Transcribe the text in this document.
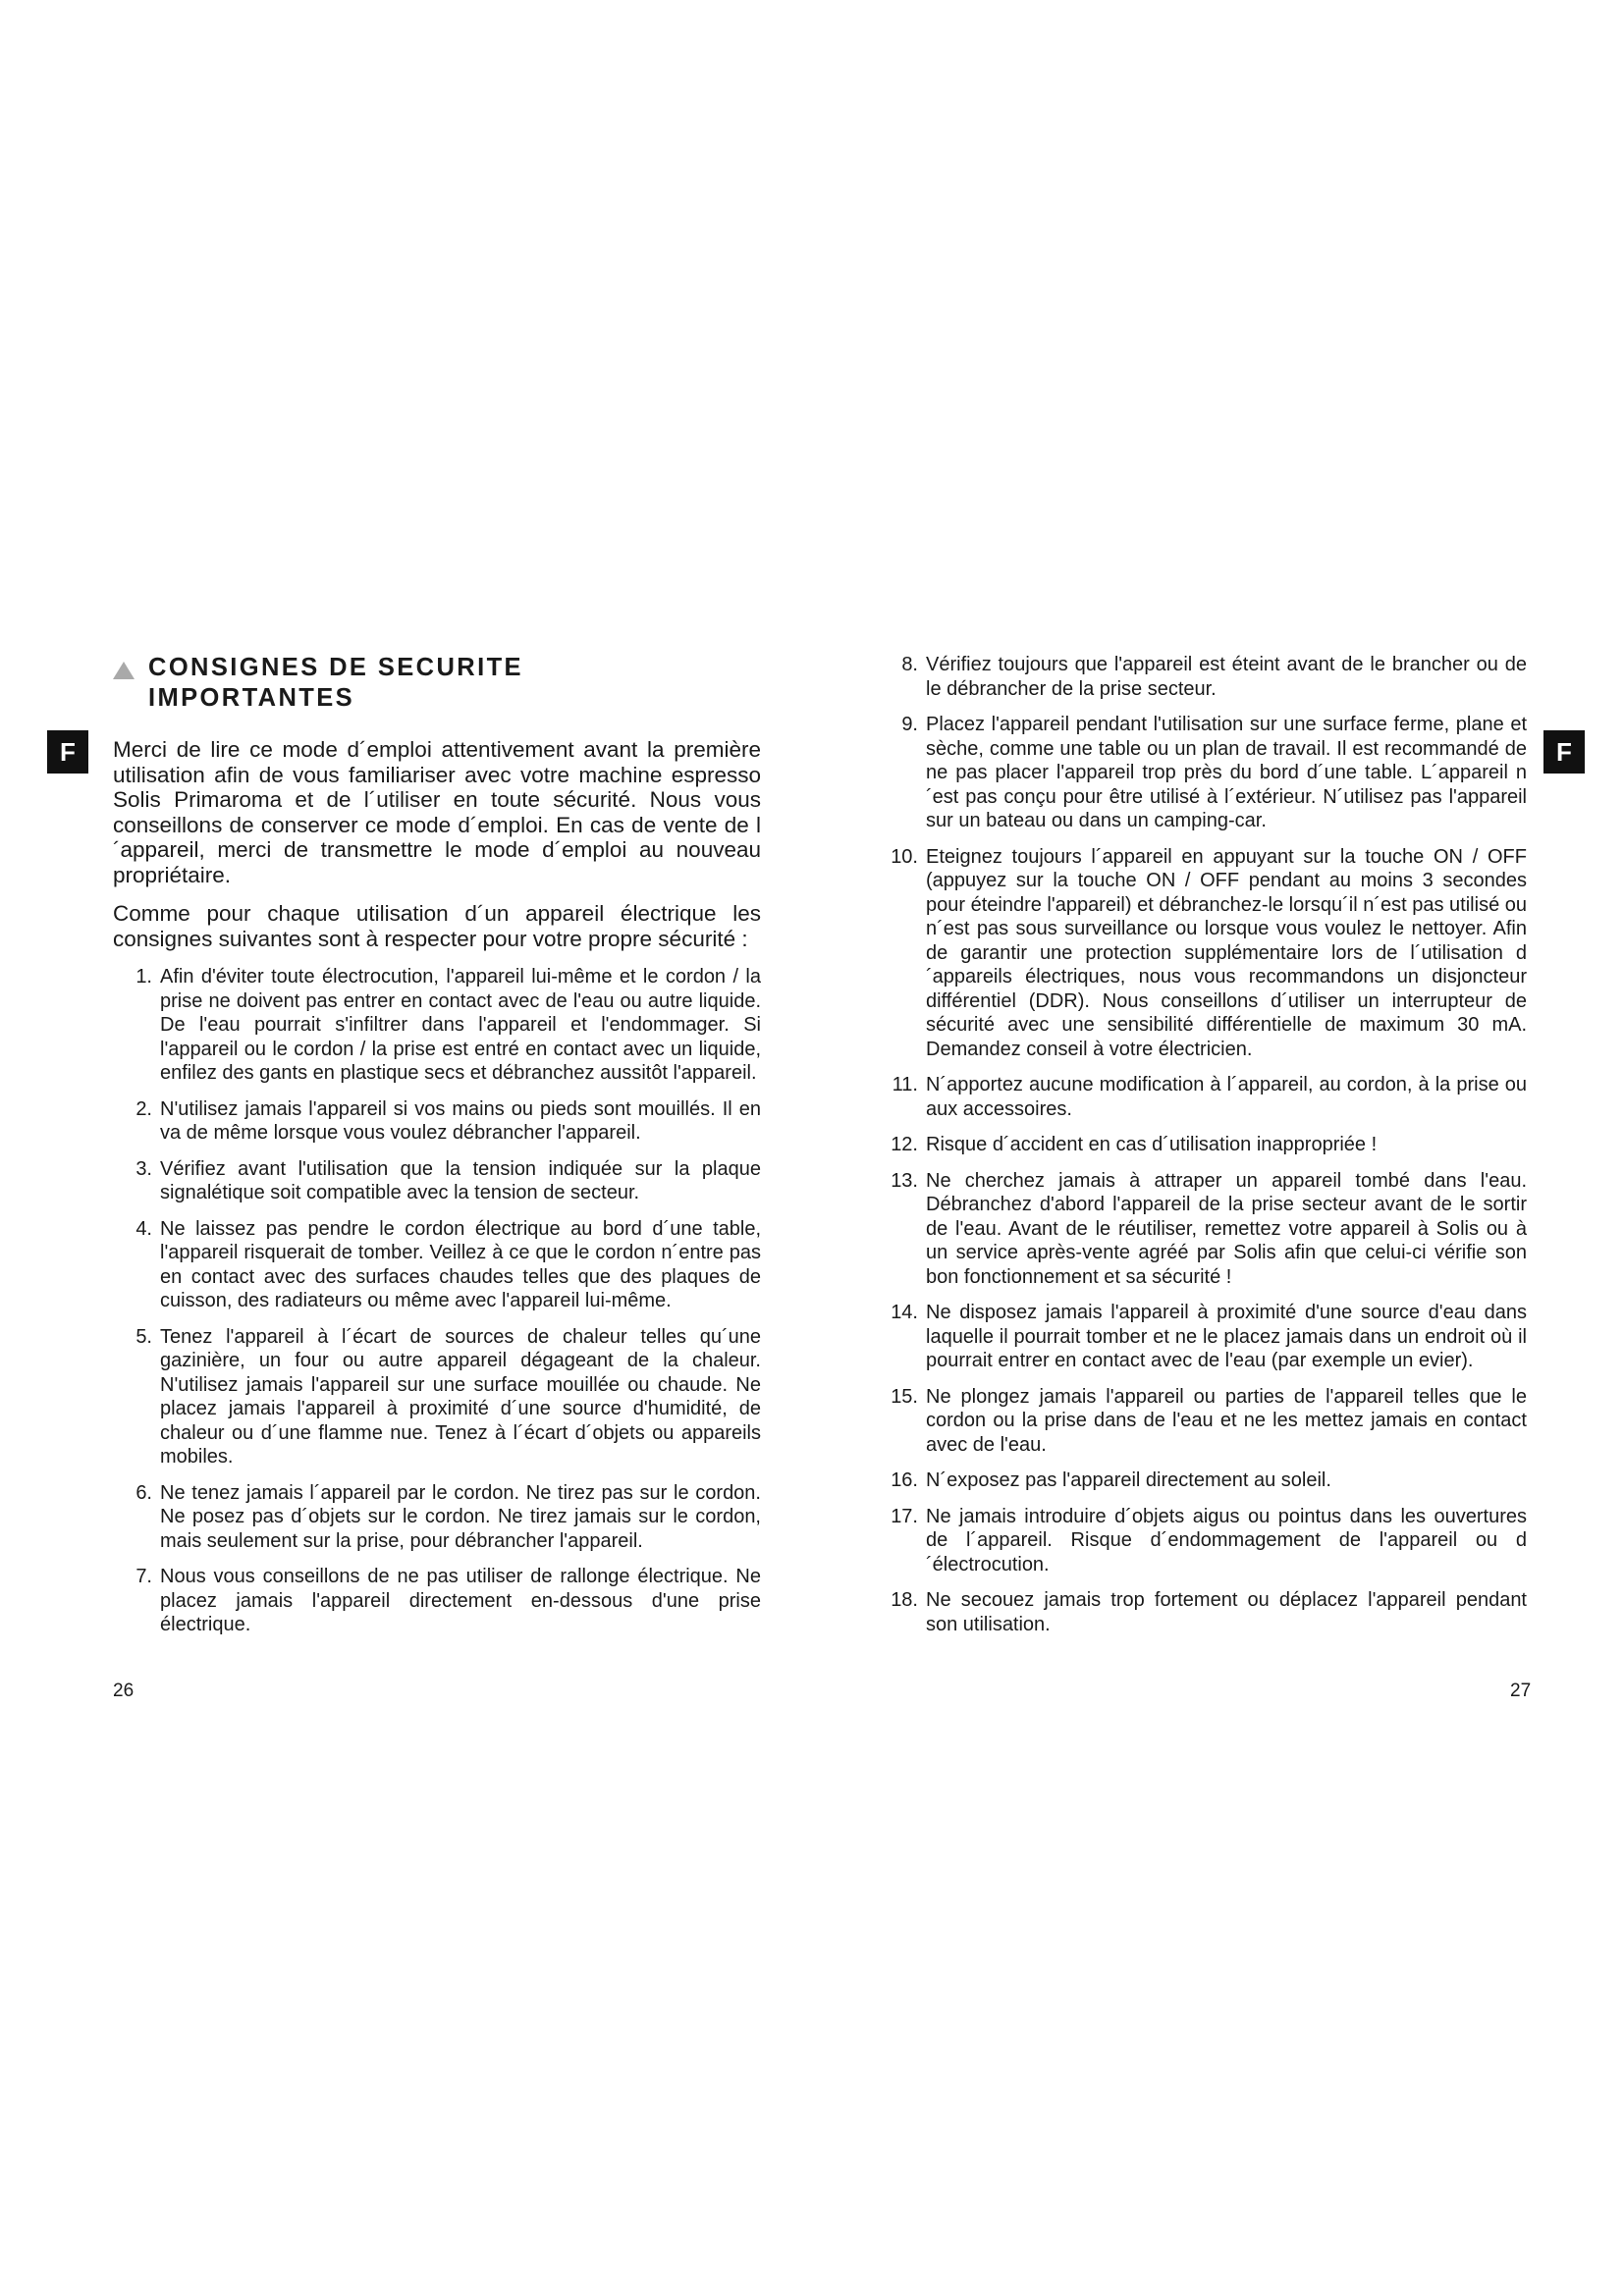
F	F
CONSIGNES DE SECURITE
IMPORTANTES

Merci de lire ce mode d´emploi attentivement avant la première utilisation afin de vous familiariser avec votre machine espresso Solis Primaroma et de l´utiliser en toute sécurité. Nous vous conseillons de conserver ce mode d´emploi. En cas de vente de l´appareil, merci de transmettre le mode d´emploi au nouveau propriétaire.

Comme pour chaque utilisation d´un appareil électrique les consignes suivantes sont à respecter pour votre propre sécurité :

1. Afin d'éviter toute électrocution, l'appareil lui-même et le cordon / la prise ne doivent pas entrer en contact avec de l'eau ou autre liquide. De l'eau pourrait s'infiltrer dans l'appareil et l'endommager. Si l'appareil ou le cordon / la prise est entré en contact avec un liquide, enfilez des gants en plastique secs et débranchez aussitôt l'appareil.
2. N'utilisez jamais l'appareil si vos mains ou pieds sont mouillés. Il en va de même lorsque vous voulez débrancher l'appareil.
3. Vérifiez avant l'utilisation que la tension indiquée sur la plaque signalétique soit compatible avec la tension de secteur.
4. Ne laissez pas pendre le cordon électrique au bord d´une table, l'appareil risquerait de tomber. Veillez à ce que le cordon n´entre pas en contact avec des surfaces chaudes telles que des plaques de cuisson, des radiateurs ou même avec l'appareil lui-même.
5. Tenez l'appareil à l´écart de sources de chaleur telles qu´une gazinière, un four ou autre appareil dégageant de la chaleur. N'utilisez jamais l'appareil sur une surface mouillée ou chaude. Ne placez jamais l'appareil à proximité d´une source d'humidité, de chaleur ou d´une flamme nue. Tenez à l´écart d´objets ou appareils mobiles.
6. Ne tenez jamais l´appareil par le cordon. Ne tirez pas sur le cordon. Ne posez pas d´objets sur le cordon. Ne tirez jamais sur le cordon, mais seulement sur la prise, pour débrancher l'appareil.
7. Nous vous conseillons de ne pas utiliser de rallonge électrique. Ne placez jamais l'appareil directement en-dessous d'une prise électrique.
8. Vérifiez toujours que l'appareil est éteint avant de le brancher ou de le débrancher de la prise secteur.
9. Placez l'appareil pendant l'utilisation sur une surface ferme, plane et sèche, comme une table ou un plan de travail. Il est recommandé de ne pas placer l'appareil trop près du bord d´une table. L´appareil n´est pas conçu pour être utilisé à l´extérieur. N´utilisez pas l'appareil sur un bateau ou dans un camping-car.
10. Eteignez toujours l´appareil en appuyant sur la touche ON / OFF (appuyez sur la touche ON / OFF pendant au moins 3 secondes pour éteindre l'appareil) et débranchez-le lorsqu´il n´est pas utilisé ou n´est pas sous surveillance ou lorsque vous voulez le nettoyer. Afin de garantir une protection supplémentaire lors de l´utilisation d´appareils électriques, nous vous recommandons un disjoncteur différentiel (DDR). Nous conseillons d´utiliser un interrupteur de sécurité avec une sensibilité différentielle de maximum 30 mA. Demandez conseil à votre électricien.
11. N´apportez aucune modification à l´appareil, au cordon, à la prise ou aux accessoires.
12. Risque d´accident en cas d´utilisation inappropriée !
13. Ne cherchez jamais à attraper un appareil tombé dans l'eau. Débranchez d'abord l'appareil de la prise secteur avant de le sortir de l'eau. Avant de le réutiliser, remettez votre appareil à Solis ou à un service après-vente agréé par Solis afin que celui-ci vérifie son bon fonctionnement et sa sécurité !
14. Ne disposez jamais l'appareil à proximité d'une source d'eau dans laquelle il pourrait tomber et ne le placez jamais dans un endroit où il pourrait entrer en contact avec de l'eau (par exemple un evier).
15. Ne plongez jamais l'appareil ou parties de l'appareil telles que le cordon ou la prise dans de l'eau et ne les mettez jamais en contact avec de l'eau.
16. N´exposez pas l'appareil directement au soleil.
17. Ne jamais introduire d´objets aigus ou pointus dans les ouvertures de l´appareil. Risque d´endommagement de l'appareil ou d´électrocution.
18. Ne secouez jamais trop fortement ou déplacez l'appareil pendant son utilisation.
26	27
